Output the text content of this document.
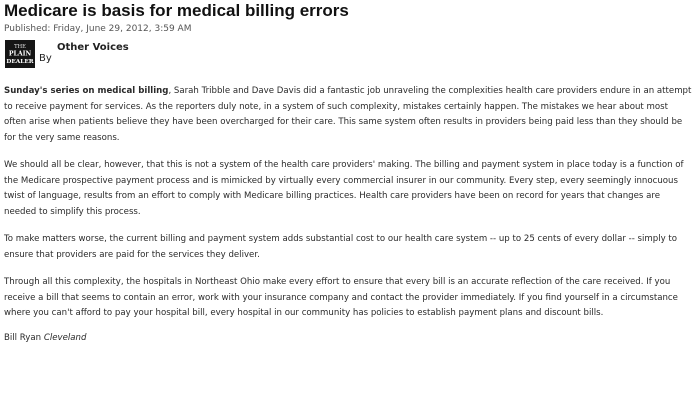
Medicare is basis for medical billing errors
Published: Friday, June 29, 2012, 3:59 AM
THE
PLAIN
DEALER By
Other Voices

Sunday's series on medical billing, Sarah Tribble and Dave Davis did a fantastic job unraveling the complexities health care providers endure in an attempt to receive payment for services. As the reporters duly note, in a system of such complexity, mistakes certainly happen. The mistakes we hear about most often arise when patients believe they have been overcharged for their care. This same system often results in providers being paid less than they should be for the very same reasons.

We should all be clear, however, that this is not a system of the health care providers' making. The billing and payment system in place today is a function of the Medicare prospective payment process and is mimicked by virtually every commercial insurer in our community. Every step, every seemingly innocuous twist of language, results from an effort to comply with Medicare billing practices. Health care providers have been on record for years that changes are needed to simplify this process.

To make matters worse, the current billing and payment system adds substantial cost to our health care system -- up to 25 cents of every dollar -- simply to ensure that providers are paid for the services they deliver.

Through all this complexity, the hospitals in Northeast Ohio make every effort to ensure that every bill is an accurate reflection of the care received. If you receive a bill that seems to contain an error, work with your insurance company and contact the provider immediately. If you find yourself in a circumstance where you can't afford to pay your hospital bill, every hospital in our community has policies to establish payment plans and discount bills.

Bill Ryan Cleveland
